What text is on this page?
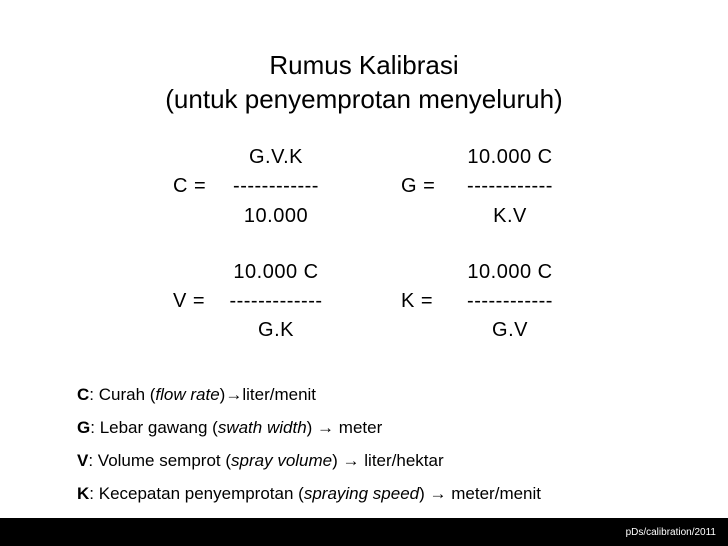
Rumus Kalibrasi
(untuk penyemprotan menyeluruh)
G.V.K
C =	------------
10.000
10.000 C
G =	------------
K.V
10.000 C
V =	-------------
G.K
10.000 C
K =	------------
G.V
C: Curah (flow rate)→liter/menit
G: Lebar gawang (swath width) → meter
V: Volume semprot (spray volume) → liter/hektar
K: Kecepatan penyemprotan (spraying speed) → meter/menit
pDs/calibration/2011
